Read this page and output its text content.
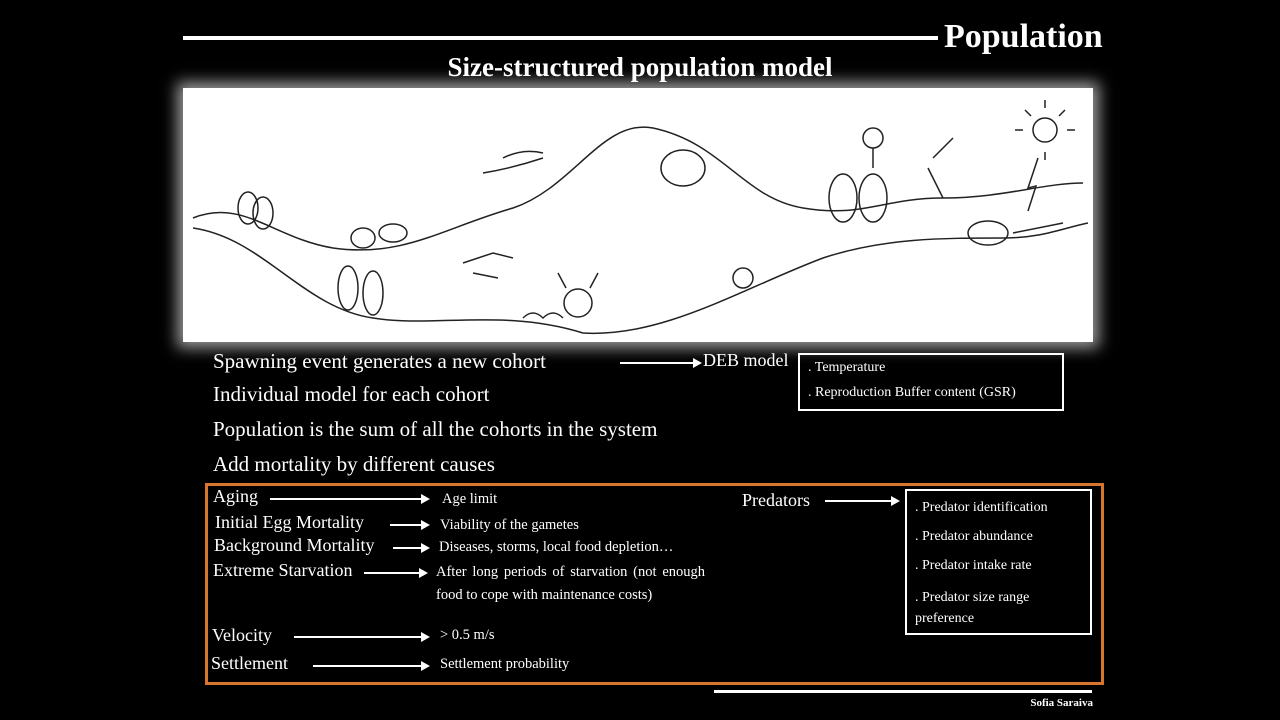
Population
Size-structured population model
Spawning event generates a new cohort
Individual model for each cohort
Population is the sum of all the cohorts in the system
Add mortality by different causes
DEB model . Temperature
. Reproduction Buffer content (GSR)
Aging	Age limit
Initial Egg Mortality	Viability of the gametes
Background Mortality	Diseases, storms, local food depletion…
Extreme Starvation	After long periods of starvation (not enough food to cope with maintenance costs)
Velocity	> 0.5 m/s
Settlement	Settlement probability
Predators	. Predator identification
. Predator abundance
. Predator intake rate
. Predator size range preference
Sofia Saraiva
